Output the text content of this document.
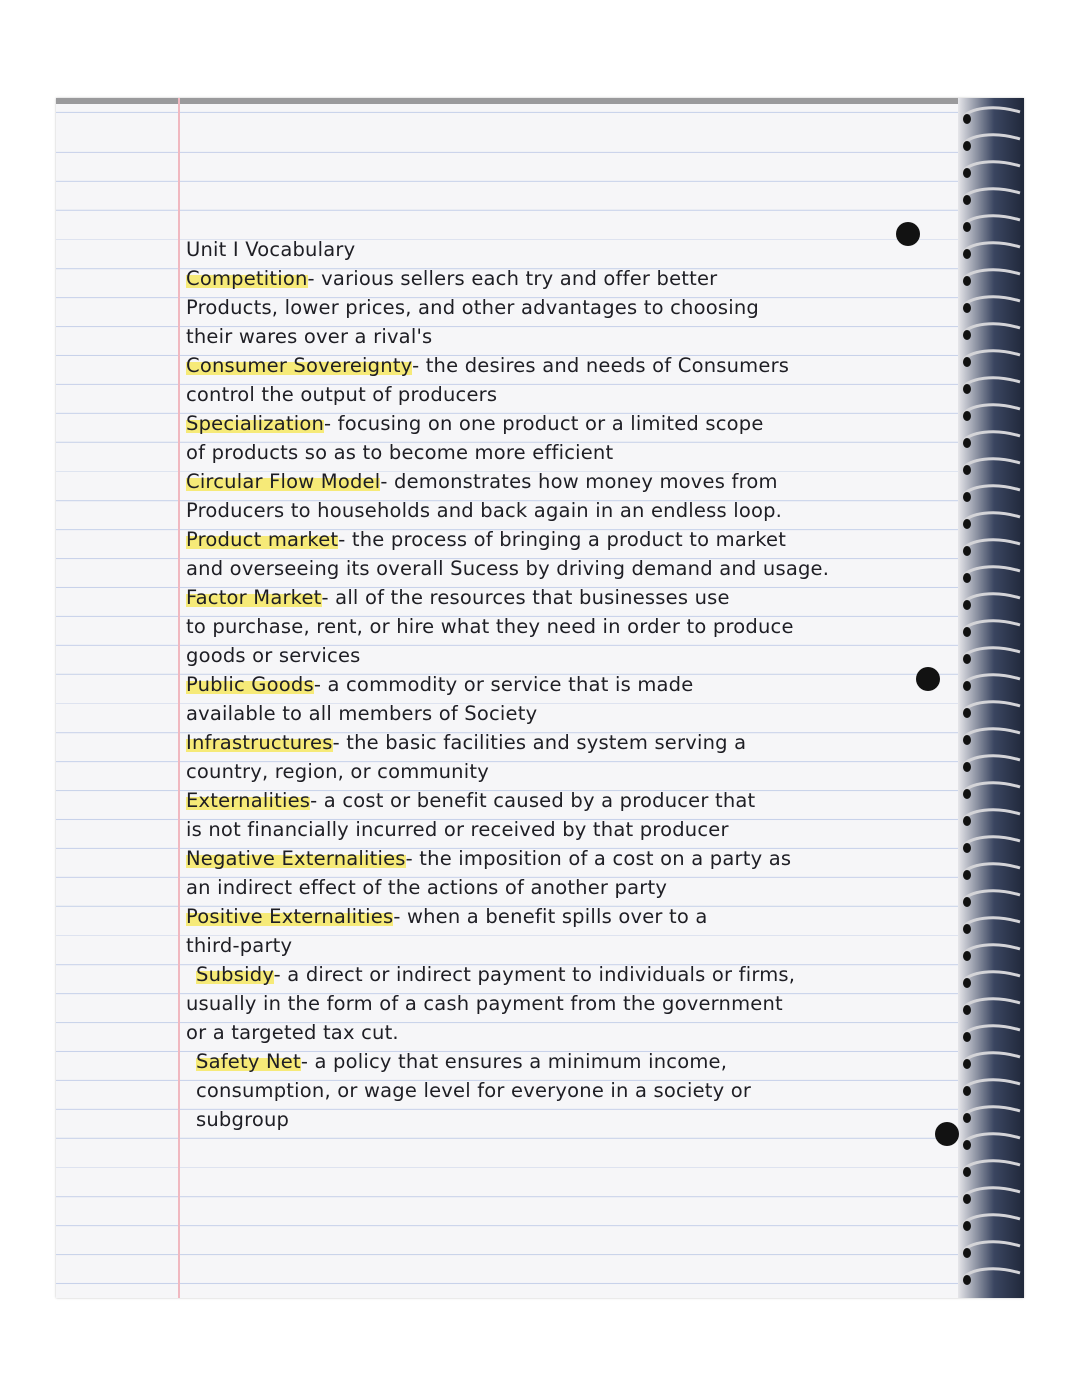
Unit I Vocabulary
Competition- various sellers each try and offer better
Products, lower prices, and other advantages to choosing
their wares over a rival's
Consumer Sovereignty- the desires and needs of Consumers
control the output of producers
Specialization- focusing on one product or a limited scope
of products so as to become more efficient
Circular Flow Model- demonstrates how money moves from
Producers to households and back again in an endless loop.
Product market- the process of bringing a product to market
and overseeing its overall Sucess by driving demand and usage.
Factor Market- all of the resources that businesses use
to purchase, rent, or hire what they need in order to produce
goods or services
Public Goods- a commodity or service that is made
available to all members of Society
Infrastructures- the basic facilities and system serving a
country, region, or community
Externalities- a cost or benefit caused by a producer that
is not financially incurred or received by that producer
Negative Externalities- the imposition of a cost on a party as
an indirect effect of the actions of another party
Positive Externalities- when a benefit spills over to a
third-party
Subsidy- a direct or indirect payment to individuals or firms,
usually in the form of a cash payment from the government
or a targeted tax cut.
Safety Net- a policy that ensures a minimum income,
consumption, or wage level for everyone in a society or
subgroup
